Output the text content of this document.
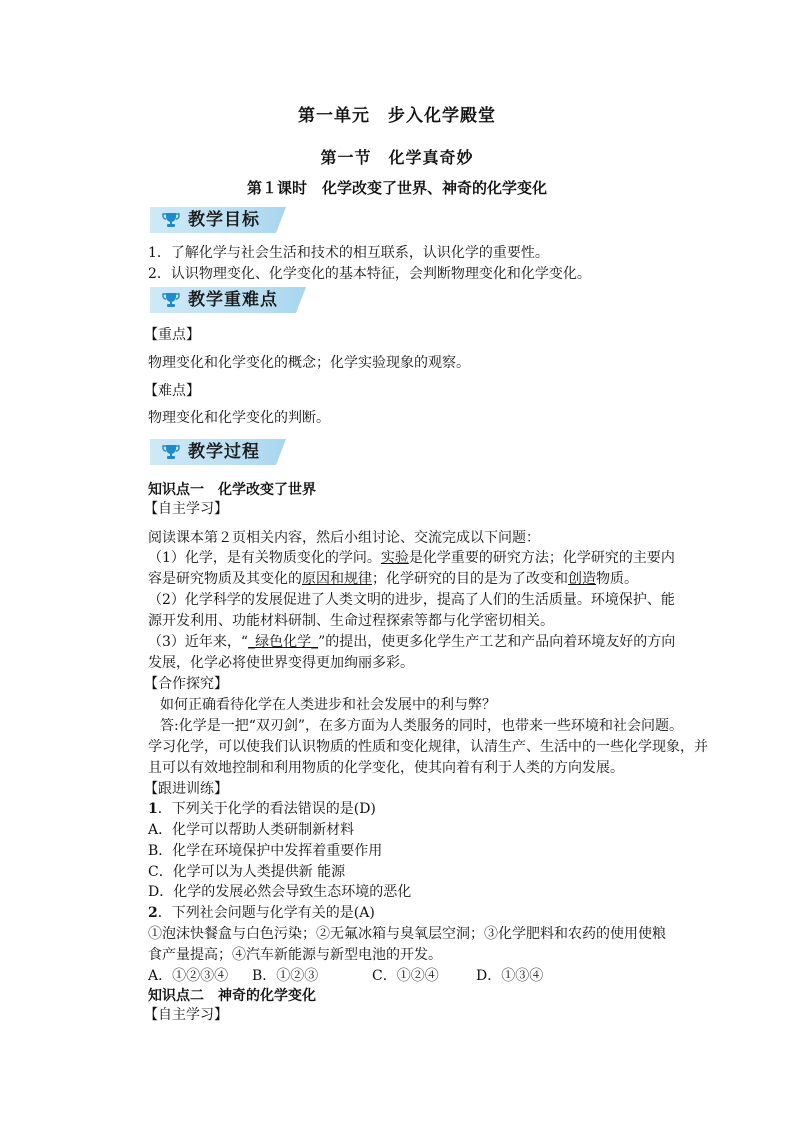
第一单元　步入化学殿堂
第一节　化学真奇妙
第１课时　化学改变了世界、神奇的化学变化
教学目标
1．了解化学与社会生活和技术的相互联系，认识化学的重要性。
2．认识物理变化、化学变化的基本特征，会判断物理变化和化学变化。
教学重难点
【重点】
物理变化和化学变化的概念；化学实验现象的观察。
【难点】
物理变化和化学变化的判断。
教学过程
知识点一　化学改变了世界
【自主学习】
阅读课本第２页相关内容，然后小组讨论、交流完成以下问题：
（1）化学，是有关物质变化的学问。实验是化学重要的研究方法；化学研究的主要内
容是研究物质及其变化的原因和规律；化学研究的目的是为了改变和创造物质。
（2）化学科学的发展促进了人类文明的进步，提高了人们的生活质量。环境保护、能
源开发利用、功能材料研制、生命过程探索等都与化学密切相关。
（3）近年来，“_绿色化学_”的提出，使更多化学生产工艺和产品向着环境友好的方向
发展，化学必将使世界变得更加绚丽多彩。
【合作探究】
如何正确看待化学在人类进步和社会发展中的利与弊？
答:化学是一把“双刃剑”，在多方面为人类服务的同时，也带来一些环境和社会问题。
学习化学，可以使我们认识物质的性质和变化规律，认清生产、生活中的一些化学现象，并
且可以有效地控制和利用物质的化学变化，使其向着有利于人类的方向发展。
【跟进训练】
1．下列关于化学的看法错误的是(D)
A．化学可以帮助人类研制新材料
B．化学在环境保护中发挥着重要作用
C．化学可以为人类提供新 能源
D．化学的发展必然会导致生态环境的恶化
2．下列社会问题与化学有关的是(A)
①泡沫快餐盒与白色污染；②无氟冰箱与臭氧层空洞；③化学肥料和农药的使用使粮
食产量提高；④汽车新能源与新型电池的开发。
A．①②③④ B．①②③	C．①②④	D．①③④
知识点二　神奇的化学变化
【自主学习】
